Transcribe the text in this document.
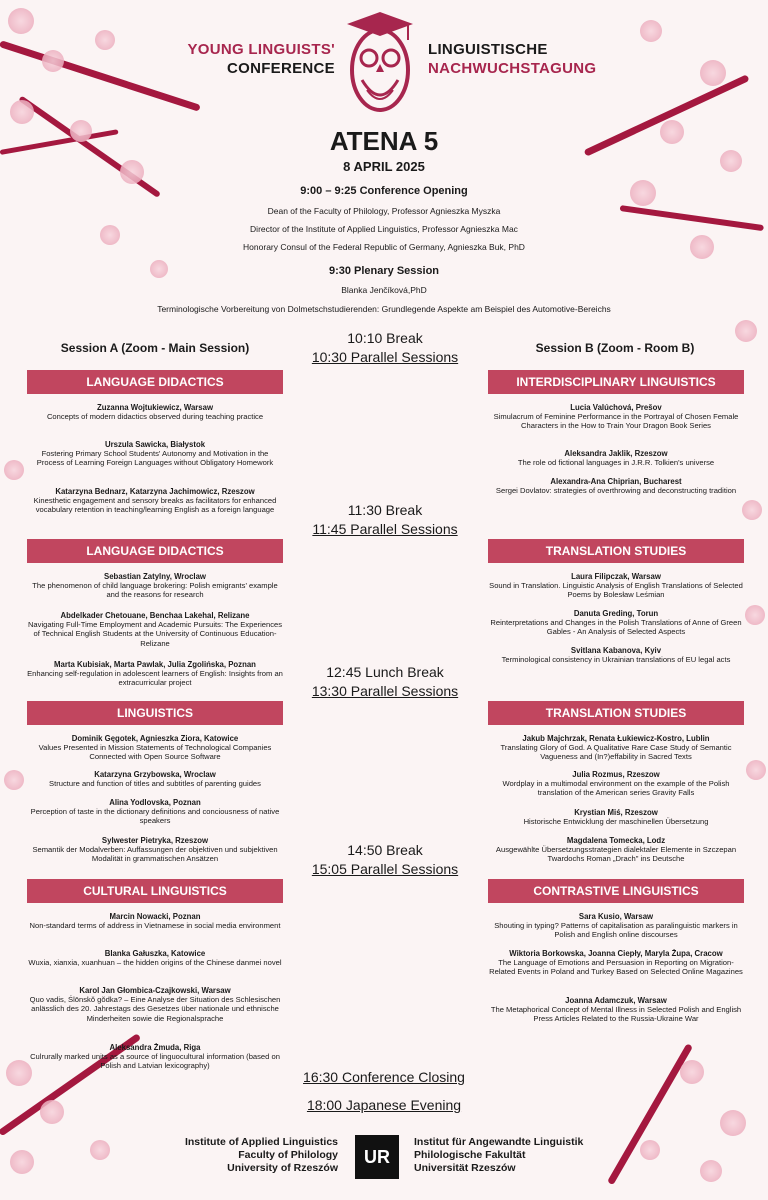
YOUNG LINGUISTS'
CONFERENCE
LINGUISTISCHE
NACHWUCHSTAGUNG
ATENA 5
8 APRIL 2025
9:00 – 9:25 Conference Opening
Dean of the Faculty of Philology, Professor Agnieszka Myszka
Director of the Institute of Applied Linguistics, Professor Agnieszka Mac
Honorary Consul of the Federal Republic of Germany, Agnieszka Buk, PhD
9:30 Plenary Session
Blanka Jenčíková,PhD
Terminologische Vorbereitung von Dolmetschstudierenden: Grundlegende Aspekte am Beispiel des Automotive-Bereichs
Session A (Zoom - Main Session)	Session B (Zoom - Room B)
10:10 Break
10:30 Parallel Sessions
11:30 Break
11:45 Parallel Sessions
12:45 Lunch Break
13:30 Parallel Sessions
14:50 Break
15:05 Parallel Sessions
LANGUAGE DIDACTICS
Zuzanna Wojtukiewicz, Warsaw
Concepts of modern didactics observed during teaching practice
Urszula Sawicka, Białystok
Fostering Primary School Students' Autonomy and Motivation in the Process of Learning Foreign Languages without Obligatory Homework
Katarzyna Bednarz, Katarzyna Jachimowicz, Rzeszow
Kinesthetic engagement and sensory breaks as facilitators for enhanced vocabulary retention in teaching/learning English as a foreign language
LANGUAGE DIDACTICS
Sebastian Zatylny, Wroclaw
The phenomenon of child language brokering: Polish emigrants' example and the reasons for research
Abdelkader Chetouane, Benchaa Lakehal, Relizane
Navigating Full-Time Employment and Academic Pursuits: The Experiences of Technical English Students at the University of Continuous Education-Relizane
Marta Kubisiak, Marta Pawlak, Julia Zgolińska, Poznan
Enhancing self-regulation in adolescent learners of English: Insights from an extracurricular project
LINGUISTICS
Dominik Gęgotek, Agnieszka Ziora, Katowice
Values Presented in Mission Statements of Technological Companies Connected with Open Source Software
Katarzyna Grzybowska, Wroclaw
Structure and function of titles and subtitles of parenting guides
Alina Yodlovska, Poznan
Perception of taste in the dictionary definitions and conciousness of native speakers
Sylwester Pietryka, Rzeszow
Semantik der Modalverben: Auffassungen der objektiven und subjektiven Modalität in grammatischen Ansätzen
CULTURAL LINGUISTICS
Marcin Nowacki, Poznan
Non-standard terms of address in Vietnamese in social media environment
Blanka Gałuszka, Katowice
Wuxia, xianxia, xuanhuan – the hidden origins of the Chinese danmei novel
Karol Jan Głombica-Czajkowski, Warsaw
Quo vadis, Ślōnskŏ gŏdka? – Eine Analyse der Situation des Schlesischen anlässlich des 20. Jahrestags des Gesetzes über nationale und ethnische Minderheiten sowie die Regionalsprache
Aleksandra Żmuda, Riga
Culrurally marked units as a source of linguocultural information (based on Polish and Latvian lexicography)
INTERDISCIPLINARY LINGUISTICS
Lucia Valúchová, Prešov
Simulacrum of Feminine Performance in the Portrayal of Chosen Female Characters in the How to Train Your Dragon Book Series
Aleksandra Jaklik, Rzeszow
The role od fictional languages in J.R.R. Tolkien's universe
Alexandra-Ana Chiprian, Bucharest
Sergei Dovlatov: strategies of overthrowing and deconstructing tradition
TRANSLATION STUDIES
Laura Filipczak, Warsaw
Sound in Translation. Linguistic Analysis of English Translations of Selected Poems by Bolesław Leśmian
Danuta Greding, Torun
Reinterpretations and Changes in the Polish Translations of Anne of Green Gables - An Analysis of Selected Aspects
Svitlana Kabanova, Kyiv
Terminological consistency in Ukrainian translations of EU legal acts
TRANSLATION STUDIES
Jakub Majchrzak, Renata Łukiewicz-Kostro, Lublin
Translating Glory of God. A Qualitative Rare Case Study of Semantic Vagueness and (In?)effability in Sacred Texts
Julia Rozmus, Rzeszow
Wordplay in a multimodal environment on the example of the Polish translation of the American series Gravity Falls
Krystian Miś, Rzeszow
Historische Entwicklung der maschinellen Übersetzung
Magdalena Tomecka, Lodz
Ausgewählte Übersetzungsstrategien dialektaler Elemente in Szczepan Twardochs Roman „Drach" ins Deutsche
CONTRASTIVE LINGUISTICS
Sara Kusio, Warsaw
Shouting in typing? Patterns of capitalisation as paralinguistic markers in Polish and English online discourses
Wiktoria Borkowska, Joanna Ciepły, Maryla Żupa, Cracow
The Language of Emotions and Persuasion in Reporting on Migration-Related Events in Poland and Turkey Based on Selected Online Magazines
Joanna Adamczuk, Warsaw
The Metaphorical Concept of Mental Illness in Selected Polish and English Press Articles Related to the Russia-Ukraine War
16:30 Conference Closing
18:00 Japanese Evening
Institute of Applied Linguistics
Faculty of Philology
University of Rzeszów
UR
Institut für Angewandte Linguistik
Philologische Fakultät
Universität Rzeszów
